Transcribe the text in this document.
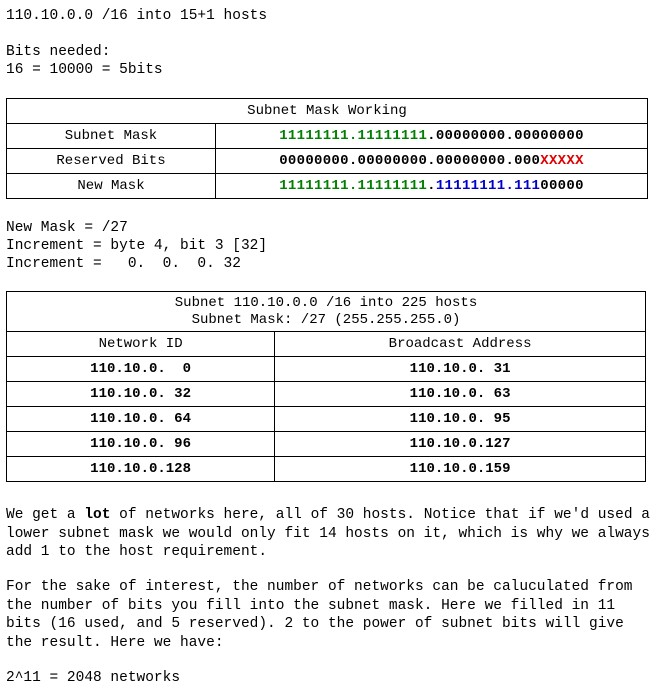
110.10.0.0 /16 into 15+1 hosts
Bits needed:
16 = 10000 = 5bits
Subnet Mask Working	
Subnet Mask	11111111.11111111.00000000.00000000
Reserved Bits	00000000.00000000.00000000.000XXXXX
New Mask	11111111.11111111.11111111.11100000
New Mask = /27
Increment = byte 4, bit 3 [32]
Increment =   0.  0.  0. 32
Subnet 110.10.0.0 /16 into 225 hosts
Subnet Mask: /27 (255.255.255.0)	

Network ID	Broadcast Address
110.10.0.  0	110.10.0. 31
110.10.0. 32	110.10.0. 63
110.10.0. 64	110.10.0. 95
110.10.0. 96	110.10.0.127
110.10.0.128	110.10.0.159

We get a lot of networks here, all of 30 hosts. Notice that if we'd used a lower subnet mask we would only fit 14 hosts on it, which is why we always add 1 to the host requirement.

For the sake of interest, the number of networks can be caluculated from the number of bits you fill into the subnet mask. Here we filled in 11 bits (16 used, and 5 reserved). 2 to the power of subnet bits will give the result. Here we have:

2^11 = 2048 networks
